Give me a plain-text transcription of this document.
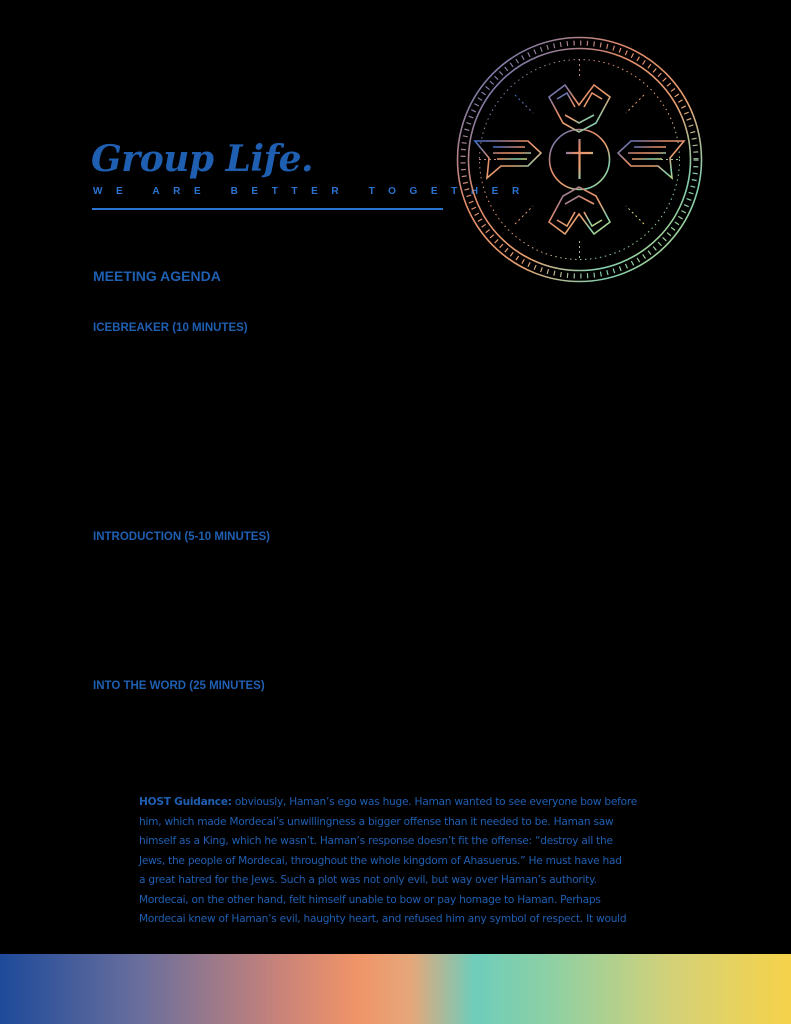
Group Life.
WE ARE BETTER TOGETHER
MEETING AGENDA
ICEBREAKER (10 MINUTES)
INTRODUCTION (5-10 MINUTES)
INTO THE WORD (25 MINUTES)

HOST Guidance: obviously, Haman’s ego was huge. Haman wanted to see everyone bow before
him, which made Mordecai’s unwillingness a bigger offense than it needed to be. Haman saw
himself as a King, which he wasn’t. Haman’s response doesn’t fit the offense: “destroy all the
Jews, the people of Mordecai, throughout the whole kingdom of Ahasuerus.” He must have had
a great hatred for the Jews. Such a plot was not only evil, but way over Haman’s authority.
Mordecai, on the other hand, felt himself unable to bow or pay homage to Haman. Perhaps
Mordecai knew of Haman’s evil, haughty heart, and refused him any symbol of respect. It would
